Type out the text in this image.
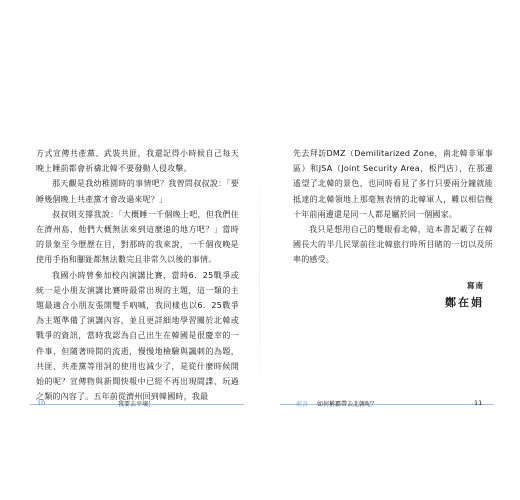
方式宣傳共產黨、武裝共匪，我還記得小時候自己每天晚上睡前都會祈禱北韓不要發動人侵攻擊。

那天觀是我幼稚園時的事情吧？我曾問叔叔說：「要睡幾個晚上共產黨才會改過來呢？」

叔叔則支撐我說：「大概睡一千個晚上吧，但我們住在濟州島，他們大概無法來到這麼遠的地方吧？」當時的景象至今歷歷在目，對那時的我來說，一千個夜晚是使用手指和腳趾都無法數完且非常久以後的事情。

我國小時曾參加校內演講比賽，當時6．25戰爭或統一是小朋友演講比賽時最常出現的主題，這一類的主題最適合小朋友張開雙手吶喊，我同樣也以6．25戰爭為主題準備了演講內容，並且更詳細地學習關於北韓或戰爭的資訊，當時我認為自己出生在韓國是很慶幸的一件事，但隨著時間的流逝，慢慢地檢驗與諷刺的為題，共匪、共產黨等用詞的使用也減少了，是從什麼時候開始的呢？宣傳物與新聞快報中已經不再出現間諜、玩過之類的內容了。五年前從濟州回到韓國時，我最

先去拜訪DMZ（Demilitarized Zone，南北韓非軍事區）和JSA（Joint Security Area，板門店），在那邊遙望了北韓的景色，也同時看見了多行只要兩分鐘就能抵達的北韓領地上那毫無表情的北韓軍人，難以相信幾十年前兩邊還是同一人都是屬於同一個國家。

我只是想用自己的雙眼看北韓，這本書記載了在韓國長大的半几民眾前往北韓旅行時所目睹的一切以及所率的感受。

寫南
鄭在娟
10	我要去平壤！	前言 如何稱霸帶去北韓呢？	11
